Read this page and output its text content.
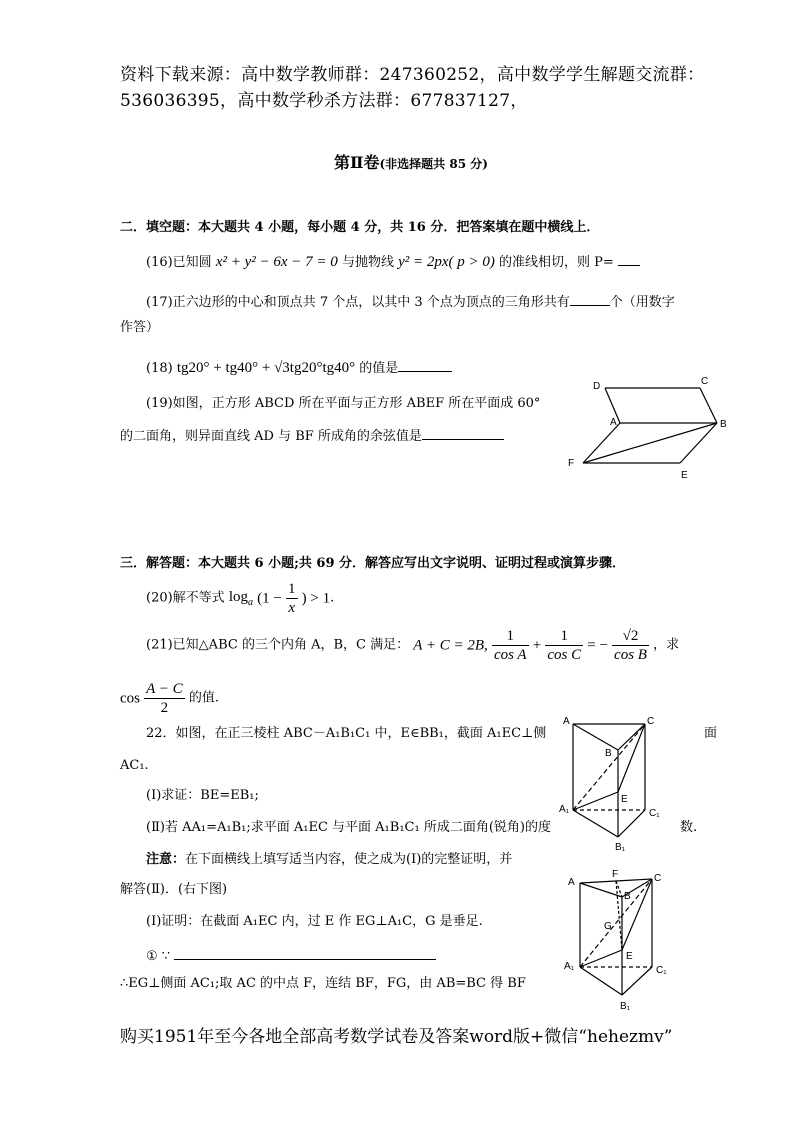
资料下载来源：高中数学教师群：247360252，高中数学学生解题交流群：
536036395，高中数学秒杀方法群：677837127，
第Ⅱ卷(非选择题共 85 分)
二．填空题：本大题共 4 小题，每小题 4 分，共 16 分．把答案填在题中横线上．
(16)已知圆 x² + y² − 6x − 7 = 0 与抛物线 y² = 2px( p > 0) 的准线相切，则 P=
(17)正六边形的中心和顶点共 7 个点，以其中 3 个点为顶点的三角形共有	个（用数字
作答）
(18) tg20° + tg40° + √3tg20°tg40° 的值是
(19)如图，正方形 ABCD 所在平面与正方形 ABEF 所在平面成 60°
的二面角，则异面直线 AD 与 BF 所成角的余弦值是
D	C
A	B
F
E
三．解答题：本大题共 6 小题;共 69 分．解答应写出文字说明、证明过程或演算步骤．
(20)解不等式 $\log_a (1 - \frac{1}{x}$ ) > 1.
(21)已知△ABC 的三个内角 A，B，C 满足： A + C = 2B, $\frac{1}{\text{cos A}} + \frac{1}{\text{cos C}}$ = − $\frac{√2}{\text{cos B}}$ ，求
$\cos \frac{A - C}{2}$ 的值.
22．如图，在正三棱柱 ABC－A₁B₁C₁ 中，E∈BB₁，截面 A₁EC⊥侧	面
AC₁.
(Ⅰ)求证：BE=EB₁;
(Ⅱ)若 AA₁=A₁B₁;求平面 A₁EC 与平面 A₁B₁C₁ 所成二面角(锐角)的度	数.
注意：在下面横线上填写适当内容，使之成为(Ⅰ)的完整证明，并
解答(Ⅱ)．(右下图)
(Ⅰ)证明：在截面 A₁EC 内，过 E 作 EG⊥A₁C，G 是垂足.
① ∵
∴EG⊥侧面 AC₁;取 AC 的中点 F，连结 BF，FG，由 AB=BC 得 BF
A	C
B
E
A₁	C₁
B₁
A
F	C
B
G
E
A₁	C₁
B₁
购买1951年至今各地全部高考数学试卷及答案word版+微信“hehezmv”
